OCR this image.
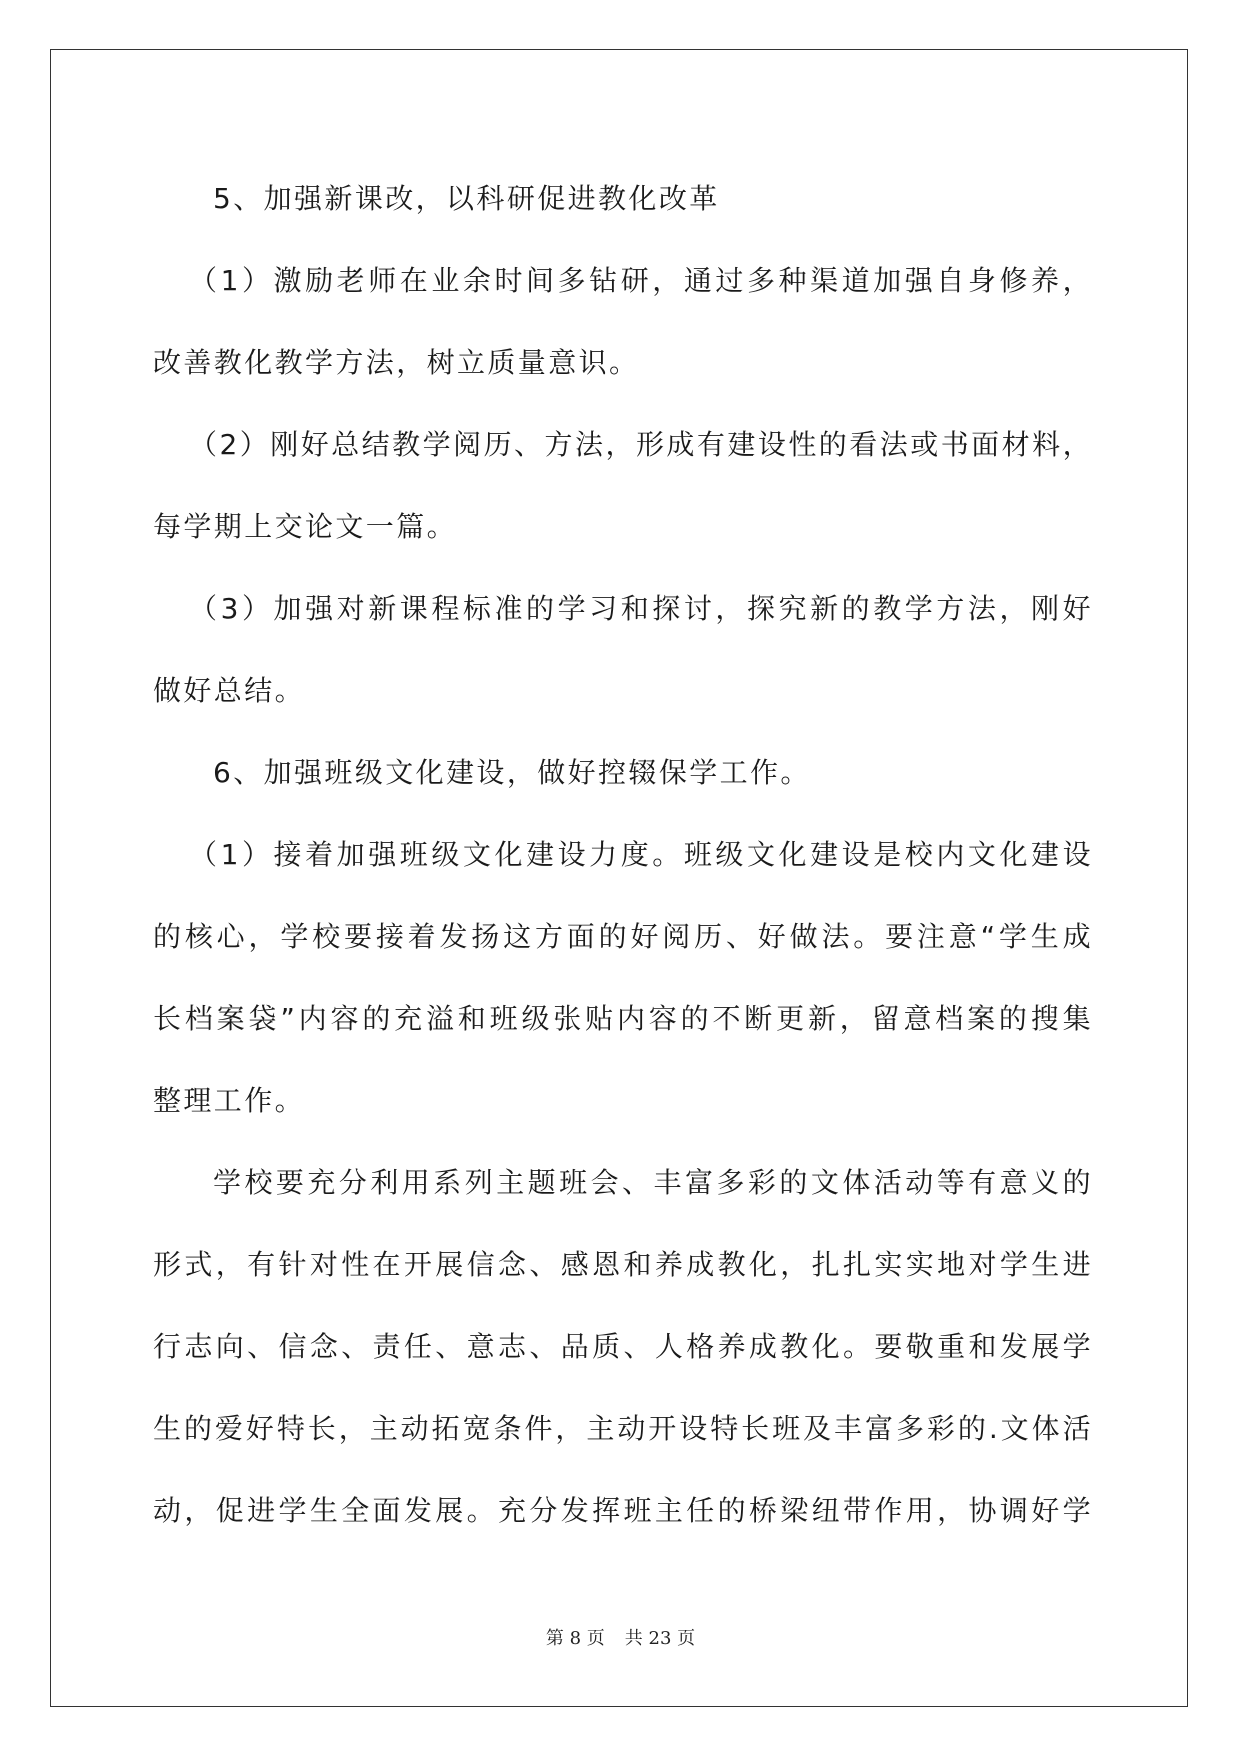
5、加强新课改，以科研促进教化改革
（1）激励老师在业余时间多钻研，通过多种渠道加强自身修养，
改善教化教学方法，树立质量意识。
（2）刚好总结教学阅历、方法，形成有建设性的看法或书面材料，
每学期上交论文一篇。
（3）加强对新课程标准的学习和探讨，探究新的教学方法，刚好
做好总结。
6、加强班级文化建设，做好控辍保学工作。
（1）接着加强班级文化建设力度。班级文化建设是校内文化建设
的核心，学校要接着发扬这方面的好阅历、好做法。要注意“学生成
长档案袋”内容的充溢和班级张贴内容的不断更新，留意档案的搜集
整理工作。
学校要充分利用系列主题班会、丰富多彩的文体活动等有意义的
形式，有针对性在开展信念、感恩和养成教化，扎扎实实地对学生进
行志向、信念、责任、意志、品质、人格养成教化。要敬重和发展学
生的爱好特长，主动拓宽条件，主动开设特长班及丰富多彩的.文体活
动，促进学生全面发展。充分发挥班主任的桥梁纽带作用，协调好学
第 8 页 共 23 页
